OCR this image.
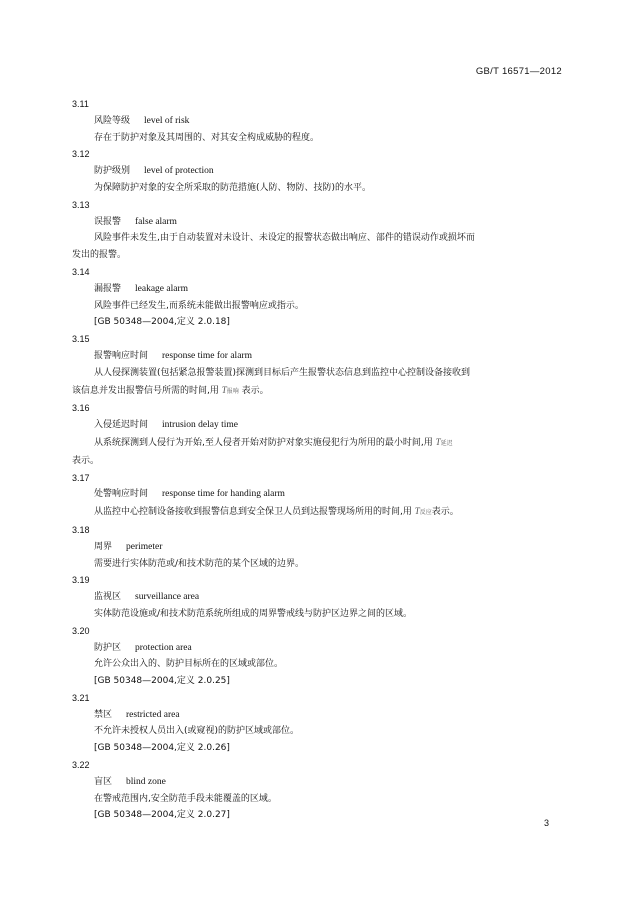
GB/T 16571—2012
3.11
风险等级 level of risk
存在于防护对象及其周围的、对其安全构成威胁的程度。
3.12
防护级别 level of protection
为保障防护对象的安全所采取的防范措施(人防、物防、技防)的水平。
3.13
误报警 false alarm
风险事件未发生,由于自动装置对未设计、未设定的报警状态做出响应、部件的错误动作或损坏而
发出的报警。
3.14
漏报警 leakage alarm
风险事件已经发生,而系统未能做出报警响应或指示。
[GB 50348—2004,定义 2.0.18]
3.15
报警响应时间 response time for alarm
从人侵探测装置(包括紧急报警装置)探测到目标后产生报警状态信息到监控中心控制设备接收到
该信息并发出报警信号所需的时间,用 T报响 表示。
3.16
入侵延迟时间 intrusion delay time
从系统探测到人侵行为开始,至人侵者开始对防护对象实施侵犯行为所用的最小时间,用 T延迟
表示。
3.17
处警响应时间 response time for handing alarm
从监控中心控制设备接收到报警信息到安全保卫人员到达报警现场所用的时间,用 T反应表示。
3.18
周界 perimeter
需要进行实体防范或/和技术防范的某个区域的边界。
3.19
监视区 surveillance area
实体防范设施或/和技术防范系统所组成的周界警戒线与防护区边界之间的区域。
3.20
防护区 protection area
允许公众出入的、防护目标所在的区域或部位。
[GB 50348—2004,定义 2.0.25]
3.21
禁区 restricted area
不允许未授权人员出入(或窥视)的防护区域或部位。
[GB 50348—2004,定义 2.0.26]
3.22
盲区 blind zone
在警戒范围内,安全防范手段未能覆盖的区域。
[GB 50348—2004,定义 2.0.27]
3
